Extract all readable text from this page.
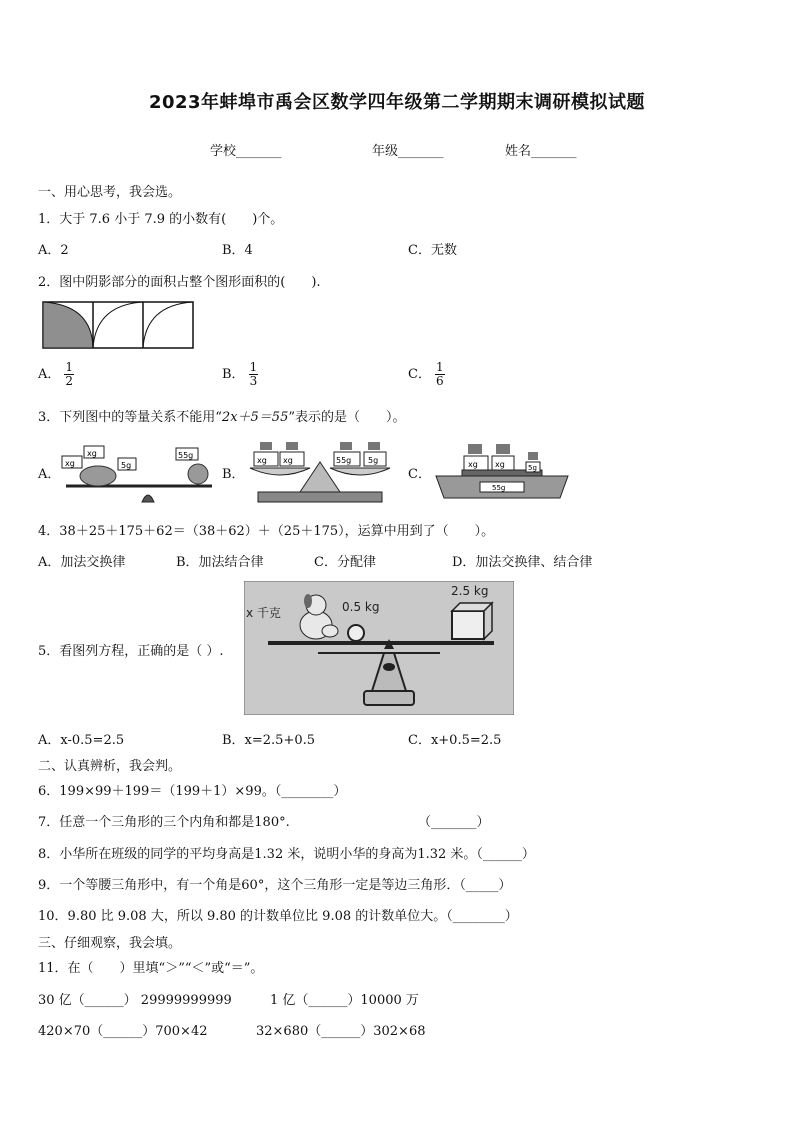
2023年蚌埠市禹会区数学四年级第二学期期末调研模拟试题
学校_______	年级_______	姓名_______
一、用心思考，我会选。
1．大于 7.6 小于 7.9 的小数有(　　)个。
A．2	B．4	C．无数
2．图中阴影部分的面积占整个图形面积的(　　).
A． $\frac{1}{2}$	B． $\frac{1}{3}$	C． $\frac{1}{6}$
3．下列图中的等量关系不能用“2x＋5＝55”表示的是（　　）。
A．
xg
xg
5g
55g
B．
xg xg	55g 5g
C．
55g
xg xg	5g
4．38＋25＋175＋62＝（38＋62）＋（25＋175），运算中用到了（　　）。
A．加法交换律	B．加法结合律	C．分配律	D．加法交换律、结合律
5．看图列方程，正确的是（ ）.
x 千克	0.5 kg
2.5 kg
A．x-0.5=2.5	B．x=2.5+0.5	C．x+0.5=2.5
二、认真辨析，我会判。
6．199×99＋199＝（199＋1）×99。（________）
7．任意一个三角形的三个内角和都是180°.	（_______）
8．小华所在班级的同学的平均身高是1.32 米，说明小华的身高为1.32 米。（______）
9．一个等腰三角形中，有一个角是60°，这个三角形一定是等边三角形．（_____）
10．9.80 比 9.08 大，所以 9.80 的计数单位比 9.08 的计数单位大。（________）
三、仔细观察，我会填。
11．在（　　）里填“＞”“＜”或“＝”。
30 亿（______） 29999999999	1 亿（______）10000 万
420×70（______）700×42	32×680（______）302×68
